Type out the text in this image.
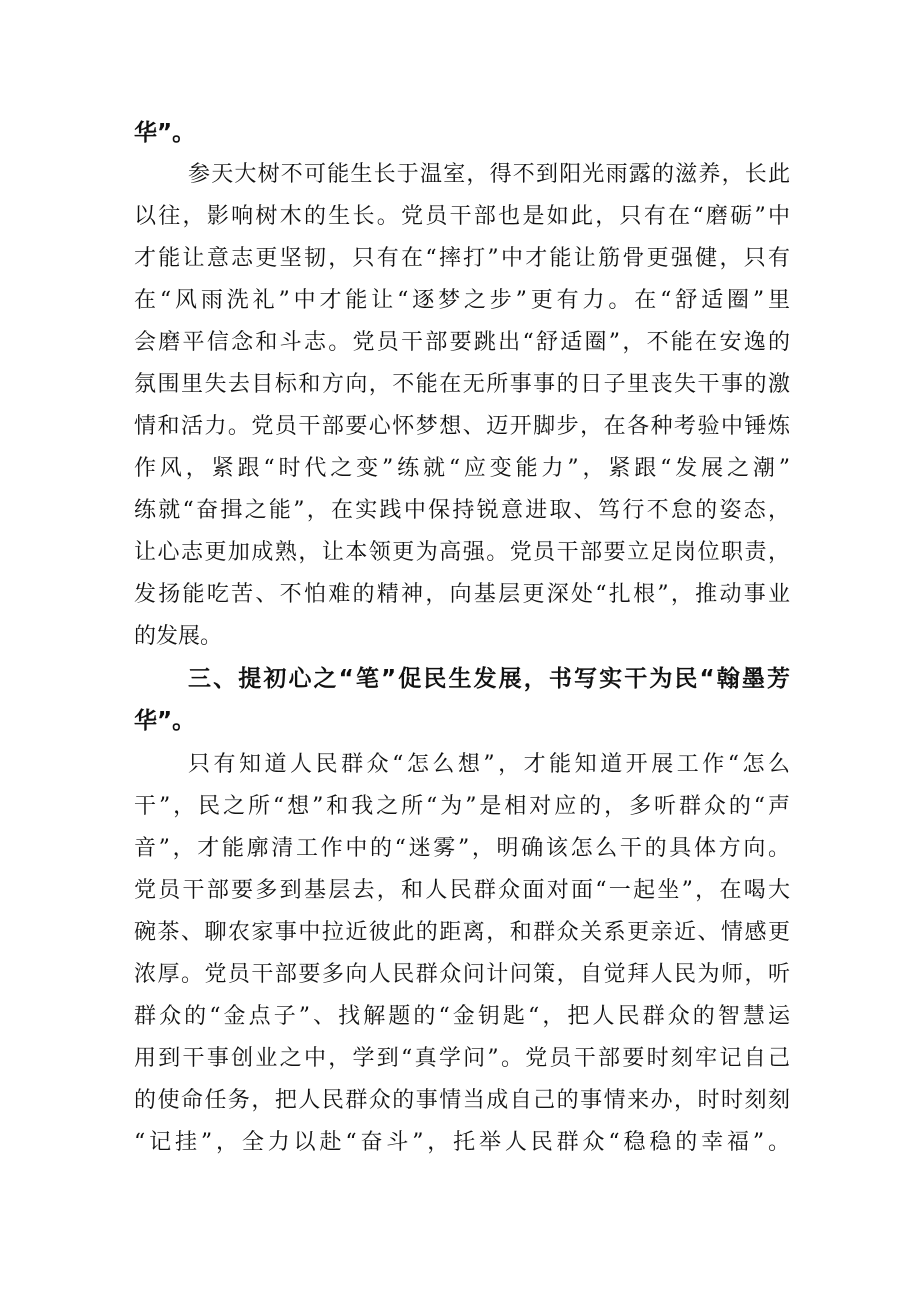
华”。
参天大树不可能生长于温室，得不到阳光雨露的滋养，长此
以往，影响树木的生长。党员干部也是如此，只有在“磨砺”中
才能让意志更坚韧，只有在“摔打”中才能让筋骨更强健，只有
在“风雨洗礼”中才能让“逐梦之步”更有力。在“舒适圈”里
会磨平信念和斗志。党员干部要跳出“舒适圈”，不能在安逸的
氛围里失去目标和方向，不能在无所事事的日子里丧失干事的激
情和活力。党员干部要心怀梦想、迈开脚步，在各种考验中锤炼
作风，紧跟“时代之变”练就“应变能力”，紧跟“发展之潮”
练就“奋揖之能”，在实践中保持锐意进取、笃行不怠的姿态，
让心志更加成熟，让本领更为高强。党员干部要立足岗位职责，
发扬能吃苦、不怕难的精神，向基层更深处“扎根”，推动事业
的发展。
三、提初心之“笔”促民生发展，书写实干为民“翰墨芳
华”。
只有知道人民群众“怎么想”，才能知道开展工作“怎么
干”，民之所“想”和我之所“为”是相对应的，多听群众的“声
音”，才能廓清工作中的“迷雾”，明确该怎么干的具体方向。
党员干部要多到基层去，和人民群众面对面“一起坐”，在喝大
碗茶、聊农家事中拉近彼此的距离，和群众关系更亲近、情感更
浓厚。党员干部要多向人民群众问计问策，自觉拜人民为师，听
群众的“金点子”、找解题的“金钥匙“，把人民群众的智慧运
用到干事创业之中，学到“真学问”。党员干部要时刻牢记自己
的使命任务，把人民群众的事情当成自己的事情来办，时时刻刻
“记挂”，全力以赴“奋斗”，托举人民群众“稳稳的幸福”。
